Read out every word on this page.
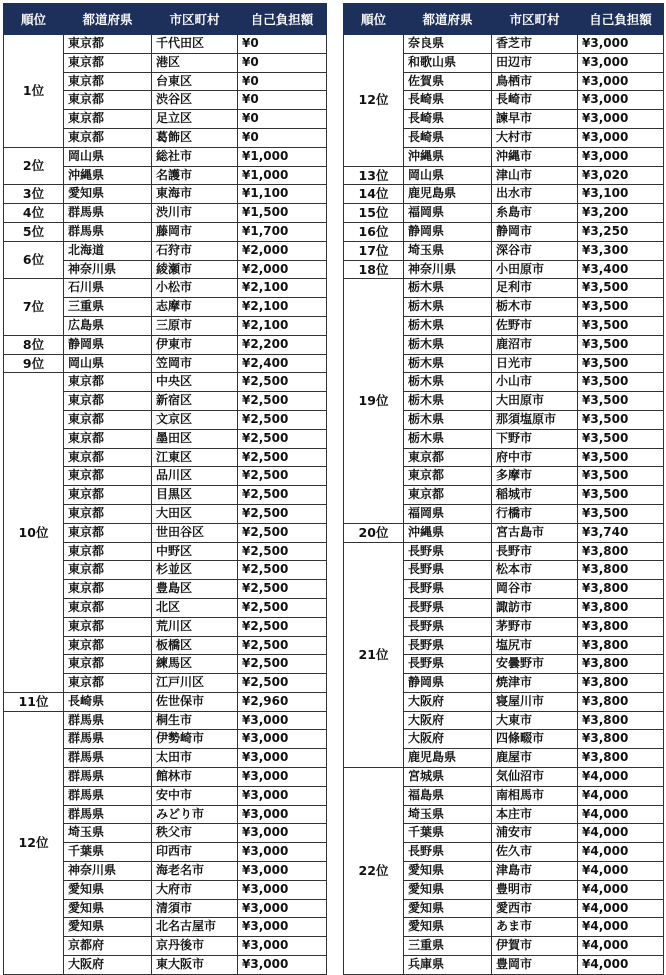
順位	都道府県	市区町村	自己負担額
1位	東京都	千代田区	¥0
	東京都	港区	¥0
	東京都	台東区	¥0
	東京都	渋谷区	¥0
	東京都	足立区	¥0
	東京都	葛飾区	¥0
2位	岡山県	総社市	¥1,000
	沖縄県	名護市	¥1,000
3位	愛知県	東海市	¥1,100
4位	群馬県	渋川市	¥1,500
5位	群馬県	藤岡市	¥1,700
6位	北海道	石狩市	¥2,000
	神奈川県	綾瀬市	¥2,000
7位	石川県	小松市	¥2,100
	三重県	志摩市	¥2,100
	広島県	三原市	¥2,100
8位	静岡県	伊東市	¥2,200
9位	岡山県	笠岡市	¥2,400
10位	東京都	中央区	¥2,500
	東京都	新宿区	¥2,500
	東京都	文京区	¥2,500
	東京都	墨田区	¥2,500
	東京都	江東区	¥2,500
	東京都	品川区	¥2,500
	東京都	目黒区	¥2,500
	東京都	大田区	¥2,500
	東京都	世田谷区	¥2,500
	東京都	中野区	¥2,500
	東京都	杉並区	¥2,500
	東京都	豊島区	¥2,500
	東京都	北区	¥2,500
	東京都	荒川区	¥2,500
	東京都	板橋区	¥2,500
	東京都	練馬区	¥2,500
	東京都	江戸川区	¥2,500
11位	長崎県	佐世保市	¥2,960
12位	群馬県	桐生市	¥3,000
	群馬県	伊勢崎市	¥3,000
	群馬県	太田市	¥3,000
	群馬県	館林市	¥3,000
	群馬県	安中市	¥3,000
	群馬県	みどり市	¥3,000
	埼玉県	秩父市	¥3,000
	千葉県	印西市	¥3,000
	神奈川県	海老名市	¥3,000
	愛知県	大府市	¥3,000
	愛知県	清須市	¥3,000
	愛知県	北名古屋市	¥3,000
	京都府	京丹後市	¥3,000
	大阪府	東大阪市	¥3,000
順位	都道府県	市区町村	自己負担額
12位	奈良県	香芝市	¥3,000
	和歌山県	田辺市	¥3,000
	佐賀県	鳥栖市	¥3,000
	長崎県	長崎市	¥3,000
	長崎県	諫早市	¥3,000
	長崎県	大村市	¥3,000
	沖縄県	沖縄市	¥3,000
13位	岡山県	津山市	¥3,020
14位	鹿児島県	出水市	¥3,100
15位	福岡県	糸島市	¥3,200
16位	静岡県	静岡市	¥3,250
17位	埼玉県	深谷市	¥3,300
18位	神奈川県	小田原市	¥3,400
19位	栃木県	足利市	¥3,500
	栃木県	栃木市	¥3,500
	栃木県	佐野市	¥3,500
	栃木県	鹿沼市	¥3,500
	栃木県	日光市	¥3,500
	栃木県	小山市	¥3,500
	栃木県	大田原市	¥3,500
	栃木県	那須塩原市	¥3,500
	栃木県	下野市	¥3,500
	東京都	府中市	¥3,500
	東京都	多摩市	¥3,500
	東京都	稲城市	¥3,500
	福岡県	行橋市	¥3,500
20位	沖縄県	宮古島市	¥3,740
21位	長野県	長野市	¥3,800
	長野県	松本市	¥3,800
	長野県	岡谷市	¥3,800
	長野県	諏訪市	¥3,800
	長野県	茅野市	¥3,800
	長野県	塩尻市	¥3,800
	長野県	安曇野市	¥3,800
	静岡県	焼津市	¥3,800
	大阪府	寝屋川市	¥3,800
	大阪府	大東市	¥3,800
	大阪府	四條畷市	¥3,800
	鹿児島県	鹿屋市	¥3,800
22位	宮城県	気仙沼市	¥4,000
	福島県	南相馬市	¥4,000
	埼玉県	本庄市	¥4,000
	千葉県	浦安市	¥4,000
	長野県	佐久市	¥4,000
	愛知県	津島市	¥4,000
	愛知県	豊明市	¥4,000
	愛知県	愛西市	¥4,000
	愛知県	あま市	¥4,000
	三重県	伊賀市	¥4,000
	兵庫県	豊岡市	¥4,000
